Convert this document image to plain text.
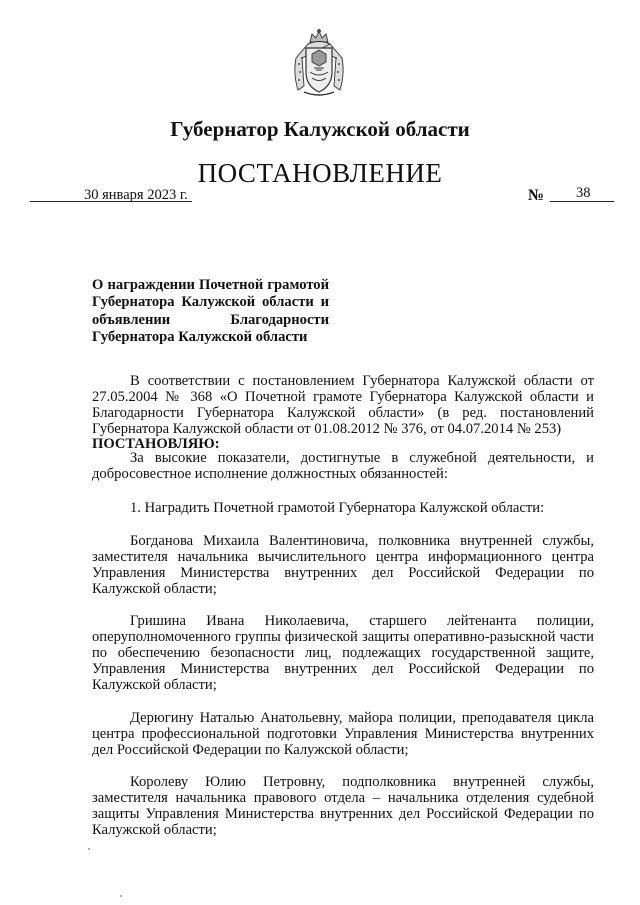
Губернатор Калужской области
ПОСТАНОВЛЕНИЕ
30 января 2023 г.	№ 38
О награждении Почетной грамотой Губернатора Калужской области и объявлении Благодарности Губернатора Калужской области
В соответствии с постановлением Губернатора Калужской области от 27.05.2004 № 368 «О Почетной грамоте Губернатора Калужской области и Благодарности Губернатора Калужской области» (в ред. постановлений Губернатора Калужской области от 01.08.2012 № 376, от 04.07.2014 № 253)
ПОСТАНОВЛЯЮ:
За высокие показатели, достигнутые в служебной деятельности, и добросовестное исполнение должностных обязанностей:
1. Наградить Почетной грамотой Губернатора Калужской области:
Богданова Михаила Валентиновича, полковника внутренней службы, заместителя начальника вычислительного центра информационного центра Управления Министерства внутренних дел Российской Федерации по Калужской области;
Гришина Ивана Николаевича, старшего лейтенанта полиции, оперуполномоченного группы физической защиты оперативно-разыскной части по обеспечению безопасности лиц, подлежащих государственной защите, Управления Министерства внутренних дел Российской Федерации по Калужской области;
Дерюгину Наталью Анатольевну, майора полиции, преподавателя цикла центра профессиональной подготовки Управления Министерства внутренних дел Российской Федерации по Калужской области;
Королеву Юлию Петровну, подполковника внутренней службы, заместителя начальника правового отдела – начальника отделения судебной защиты Управления Министерства внутренних дел Российской Федерации по Калужской области;
